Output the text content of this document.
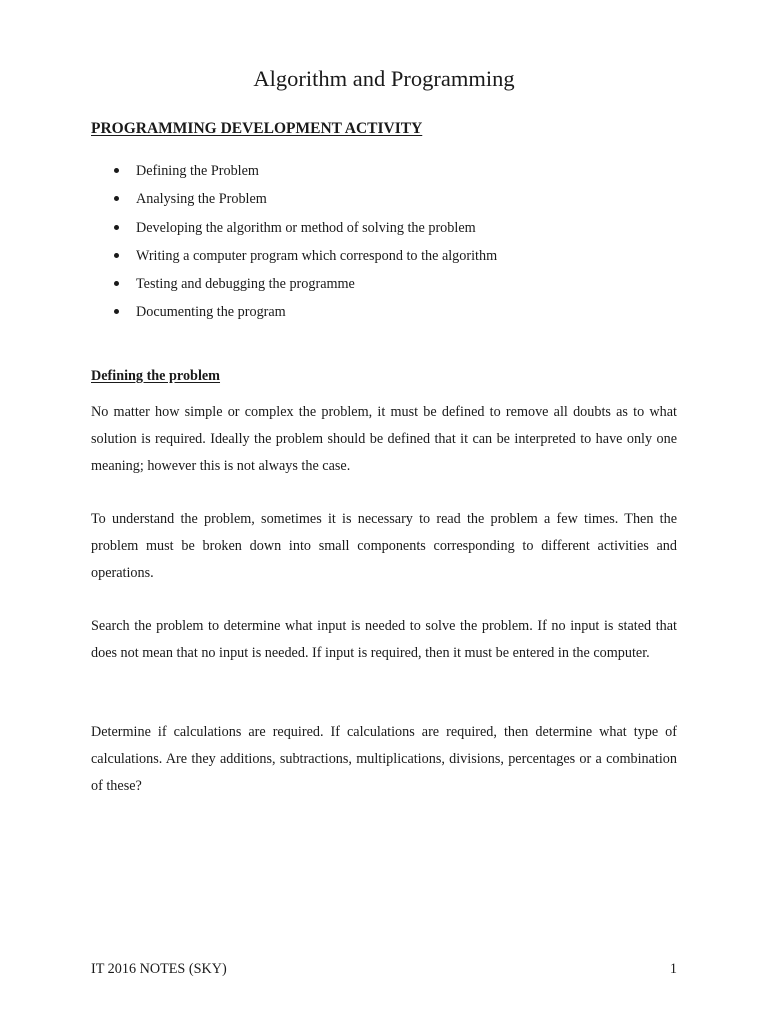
Algorithm and Programming
PROGRAMMING DEVELOPMENT ACTIVITY
Defining the Problem
Analysing the Problem
Developing the algorithm or method of solving the problem
Writing a computer program which correspond to the algorithm
Testing and debugging the programme
Documenting the program
Defining the problem

No matter how simple or complex the problem, it must be defined to remove all doubts as to what solution is required. Ideally the problem should be defined that it can be interpreted to have only one meaning; however this is not always the case.

To understand the problem, sometimes it is necessary to read the problem a few times. Then the problem must be broken down into small components corresponding to different activities and operations.

Search the problem to determine what input is needed to solve the problem. If no input is stated that does not mean that no input is needed. If input is required, then it must be entered in the computer.

Determine if calculations are required. If calculations are required, then determine what type of calculations. Are they additions, subtractions, multiplications, divisions, percentages or a combination of these?

IT 2016 NOTES (SKY)	1
